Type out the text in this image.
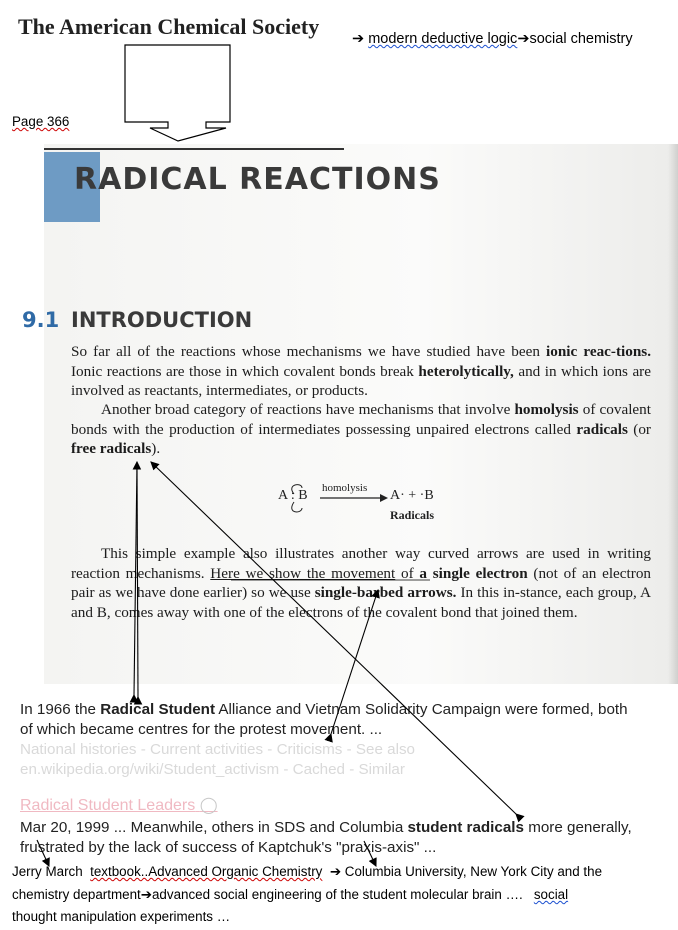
The American Chemical Society	➔ modern deductive logic➔social chemistry
Page 366
RADICAL REACTIONS
9.1 INTRODUCTION
So far all of the reactions whose mechanisms we have studied have been ionic reac-tions. Ionic reactions are those in which covalent bonds break heterolytically, and in which ions are involved as reactants, intermediates, or products.
Another broad category of reactions have mechanisms that involve homolysis of covalent bonds with the production of intermediates possessing unpaired electrons called radicals (or free radicals).
A : B homolysis A· + ·B
Radicals
This simple example also illustrates another way curved arrows are used in writing reaction mechanisms. Here we show the movement of a single electron (not of an electron pair as we have done earlier) so we use single-barbed arrows. In this in-stance, each group, A and B, comes away with one of the electrons of the covalent bond that joined them.
In 1966 the Radical Student Alliance and Vietnam Solidarity Campaign were formed, both
of which became centres for the protest movement. ...
National histories - Current activities - Criticisms - See also
en.wikipedia.org/wiki/Student_activism - Cached - Similar
Radical Student Leaders ◯
Mar 20, 1999 ... Meanwhile, others in SDS and Columbia student radicals more generally,
frustrated by the lack of success of Kaptchuk's "praxis-axis" ...
Jerry March textbook..Advanced Organic Chemistry ➔ Columbia University, New York City and the
chemistry department➔advanced social engineering of the student molecular brain …. social
thought manipulation experiments …
